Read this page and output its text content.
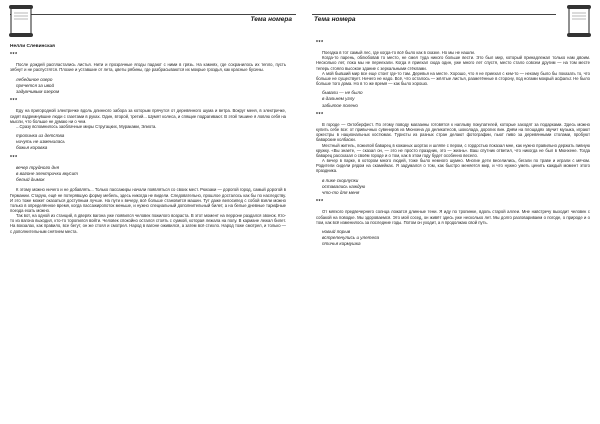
Тема номера
Нелли Слевинская
***

После дождей распластались листья. Нити и прозрачные ягоды падают с ними в грязь. На камнях, где сохранилось их тепло, пусть зябнут и не распустятся. Плохие и уставшие от лета, цветы рябины, где разбрасываются их мокрые гроздья, как красные бусины.

лебединое озеро
прячется за ивой
задумчивым озером
***

Еду на пригородной электричке вдоль длинного забора за которым прячутся от деревянного шума и ветра. Вокруг меня, в электричке, сидят вздремнувшие люди с газетами в руках. Один, второй, третий... Шумят колеса, и спящие подрагивают. В этой тишине я ловлю себя на мысли, что больше не думаю ни о чем.

...Сразу вспомнилось заоблачные миры Стругацких, Мураками, Элиота.

тропинка из детства
ничуть не изменилась
божья коровка
***
вечер трудного дня
в вагоне электрички вкусит
белый дымок

К этому можно ничего и не добавлять... Только пассажиры начали появляться со своих мест. Рюкзаки — дорогой город, самый дорогой в Германии. Старую, ещё не потерявшую форму мебель, здесь никогда не видели. Следовательно, прошлое досталось как бы по наследству. И это тоже может оказаться доступным лучше. На пути к вечеру, всё больше становится машин. Тут даже велосипед с собой взяли можно только в определённое время, когда пассажиропоток меньше, и нужно специальный дополнительный билет, а на белые дневные тарифные поезда ехать можно.

Так вот, на одной из станций, в дверях вагона уже появился человек пожилого возраста. В этот момент на перроне раздался звонок. Кто-то из вагона выходил, кто-то торопился войти. Человек спокойно остался стоять с сумкой, которая лежала на полу. В кармане лежал билет. На вокзалах, как правило, все бегут, он же стоял и смотрел. Народ в вагоне оживился, а затем всё стихло. Народ тоже смотрел, и только — с дополнительным снятием места.

Тема номера
***

Поездка в тот самый лес, где когда-то всё было как в сказке. Но мы не нашли.

Когда-то парень, облюбовав то место, не смел туда никого больше вести. Это был мир, который принадлежал только нам двоим. Несколько лет, пока мы не переехали. Когда я приехал сюда один, уже много лет спустя, место стало совсем другим — на том месте теперь стояло высокое здание с зеркальными стёклами.

А мой бывший мир все еще стоит где-то там. Деревья на месте. Хорошо, что я не приехал с кем-то — некому было бы показать то, что больше не существует. Ничего не надо. Всё, что осталось — жёлтые листья, разметённые в сторону, под ногами мокрый асфальт. Не было больше того дома. Но в то же время — как было хорошо.

бывали — не было
в дальнем углу
забытое полено
***

В городе — Октоберфест. По этому поводу магазины готовятся к наплыву покупателей, которые заходят за подарками. Здесь можно купить себе все: от привычных сувениров из Мюнхена до деликатесов, шоколада, дорогих вин. Днём на площадях звучит музыка, играют оркестры в национальных костюмах. Туристы из разных стран делают фотографии, пьют пиво за деревянными столами, пробуют баварские колбаски.

Местный житель, пожилой баварец в кожаных шортах и шляпе с пером, с гордостью показал мне, как нужно правильно держать пивную кружку. «Вы знаете, — сказал он, — это не просто праздник, это — жизнь». Ваш спутник ответил, что никогда не был в Мюнхене. Тогда баварец рассказал о своём городе и о том, как в этом году будет особенно весело.

А вечер в парке, в котором много людей, тоже было немного шумно. Многие дети веселились, бегали по траве и играли с мячом. Родители сидели рядом на скамейках. Я задумался о том, как быстро меняется мир, и что нужно уметь ценить каждый момент этого праздника.

в пике скорлупки
оставались каждую
что-то для меня
***

От мягкого предвечернего солнца ложатся длинные тени. Я иду по тропинке, вдоль старой аллеи. Мне навстречу выходит человек с собакой на поводке. Мы здороваемся. Это мой сосед, он живёт здесь уже несколько лет. Мы долго разговариваем о погоде, о природе и о том, как всё изменилось за последние годы. Потом он уходит, а я продолжаю свой путь.

новый порыв
встрепенулись и улетела
птичья кормушка
